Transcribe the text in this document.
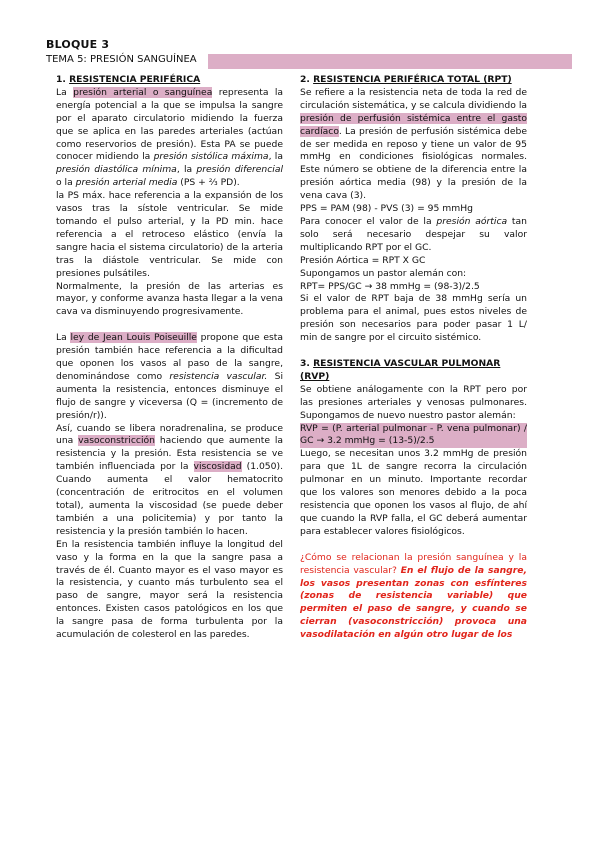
BLOQUE 3
TEMA 5: PRESIÓN SANGUÍNEA

1. RESISTENCIA PERIFÉRICA

La presión arterial o sanguínea representa la energía potencial a la que se impulsa la sangre por el aparato circulatorio midiendo la fuerza que se aplica en las paredes arteriales (actúan como reservorios de presión). Esta PA se puede conocer midiendo la presión sistólica máxima, la presión diastólica mínima, la presión diferencial o la presión arterial media (PS + ⅔ PD).

la PS máx. hace referencia a la expansión de los vasos tras la sístole ventricular. Se mide tomando el pulso arterial, y la PD min. hace referencia a el retroceso elástico (envía la sangre hacia el sistema circulatorio) de la arteria tras la diástole ventricular. Se mide con presiones pulsátiles.

Normalmente, la presión de las arterias es mayor, y conforme avanza hasta llegar a la vena cava va disminuyendo progresivamente.

La ley de Jean Louis Poiseuille propone que esta presión también hace referencia a la dificultad que oponen los vasos al paso de la sangre, denominándose como resistencia vascular. Si aumenta la resistencia, entonces disminuye el flujo de sangre y viceversa (Q = (incremento de presión/r)).

Así, cuando se libera noradrenalina, se produce una vasoconstricción haciendo que aumente la resistencia y la presión. Esta resistencia se ve también influenciada por la viscosidad (1.050). Cuando aumenta el valor hematocrito (concentración de eritrocitos en el volumen total), aumenta la viscosidad (se puede deber también a una policitemia) y por tanto la resistencia y la presión también lo hacen.

En la resistencia también influye la longitud del vaso y la forma en la que la sangre pasa a través de él. Cuanto mayor es el vaso mayor es la resistencia, y cuanto más turbulento sea el paso de sangre, mayor será la resistencia entonces. Existen casos patológicos en los que la sangre pasa de forma turbulenta por la acumulación de colesterol en las paredes.

2. RESISTENCIA PERIFÉRICA TOTAL (RPT)

Se refiere a la resistencia neta de toda la red de circulación sistemática, y se calcula dividiendo la presión de perfusión sistémica entre el gasto cardíaco. La presión de perfusión sistémica debe de ser medida en reposo y tiene un valor de 95 mmHg en condiciones fisiológicas normales. Este número se obtiene de la diferencia entre la presión aórtica media (98) y la presión de la vena cava (3).

PPS = PAM (98) - PVS (3) = 95 mmHg

Para conocer el valor de la presión aórtica tan solo será necesario despejar su valor multiplicando RPT por el GC.

Presión Aórtica = RPT X GC

Supongamos un pastor alemán con:

RPT= PPS/GC → 38 mmHg = (98-3)/2.5

Si el valor de RPT baja de 38 mmHg sería un problema para el animal, pues estos niveles de presión son necesarios para poder pasar 1 L/ min de sangre por el circuito sistémico.

3. RESISTENCIA VASCULAR PULMONAR (RVP)

Se obtiene análogamente con la RPT pero por las presiones arteriales y venosas pulmonares. Supongamos de nuevo nuestro pastor alemán:

RVP = (P. arterial pulmonar - P. vena pulmonar) / GC → 3.2 mmHg = (13-5)/2.5

Luego, se necesitan unos 3.2 mmHg de presión para que 1L de sangre recorra la circulación pulmonar en un minuto. Importante recordar que los valores son menores debido a la poca resistencia que oponen los vasos al flujo, de ahí que cuando la RVP falla, el GC deberá aumentar para establecer valores fisiológicos.

¿Cómo se relacionan la presión sanguínea y la resistencia vascular? En el flujo de la sangre, los vasos presentan zonas con esfínteres (zonas de resistencia variable) que permiten el paso de sangre, y cuando se cierran (vasoconstricción) provoca una vasodilatación en algún otro lugar de los
